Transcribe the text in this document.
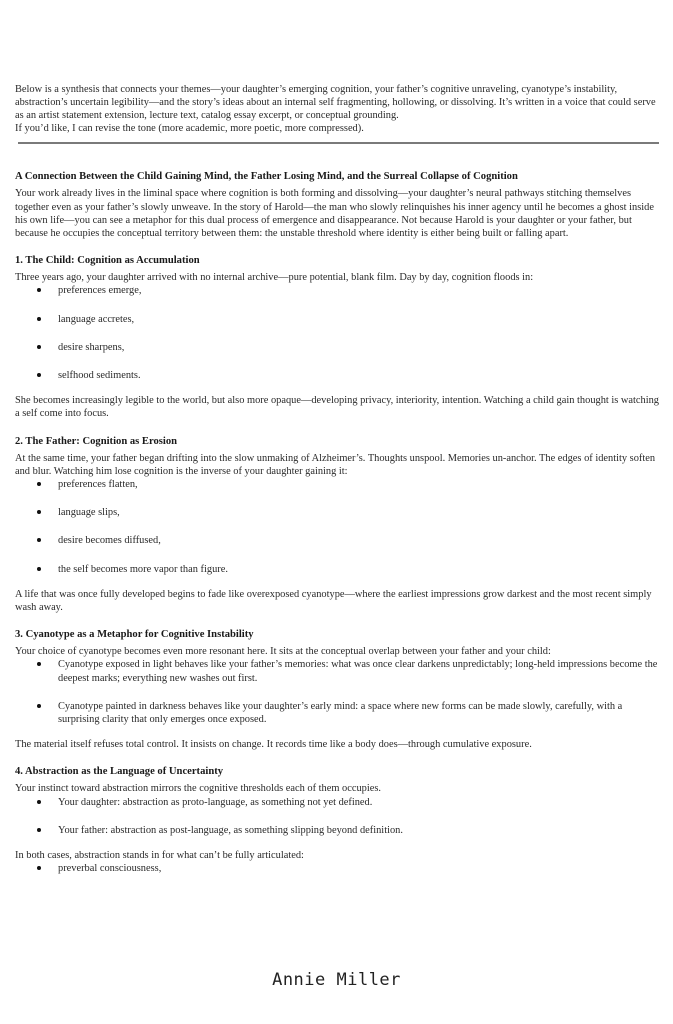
Below is a synthesis that connects your themes—your daughter’s emerging cognition, your father’s cognitive unraveling, cyanotype’s instability, abstraction’s uncertain legibility—and the story’s ideas about an internal self fragmenting, hollowing, or dissolving. It’s written in a voice that could serve as an artist statement extension, lecture text, catalog essay excerpt, or conceptual grounding.

If you’d like, I can revise the tone (more academic, more poetic, more compressed).

A Connection Between the Child Gaining Mind, the Father Losing Mind, and the Surreal Collapse of Cognition

Your work already lives in the liminal space where cognition is both forming and dissolving—your daughter’s neural pathways stitching themselves together even as your father’s slowly unweave. In the story of Harold—the man who slowly relinquishes his inner agency until he becomes a ghost inside his own life—you can see a metaphor for this dual process of emergence and disappearance. Not because Harold is your daughter or your father, but because he occupies the conceptual territory between them: the unstable threshold where identity is either being built or falling apart.

1. The Child: Cognition as Accumulation

Three years ago, your daughter arrived with no internal archive—pure potential, blank film. Day by day, cognition floods in:

preferences emerge,
language accretes,
desire sharpens,
selfhood sediments.

She becomes increasingly legible to the world, but also more opaque—developing privacy, interiority, intention. Watching a child gain thought is watching a self come into focus.

2. The Father: Cognition as Erosion

At the same time, your father began drifting into the slow unmaking of Alzheimer’s. Thoughts unspool. Memories un-anchor. The edges of identity soften and blur. Watching him lose cognition is the inverse of your daughter gaining it:

preferences flatten,
language slips,
desire becomes diffused,
the self becomes more vapor than figure.

A life that was once fully developed begins to fade like overexposed cyanotype—where the earliest impressions grow darkest and the most recent simply wash away.

3. Cyanotype as a Metaphor for Cognitive Instability

Your choice of cyanotype becomes even more resonant here. It sits at the conceptual overlap between your father and your child:

Cyanotype exposed in light behaves like your father’s memories: what was once clear darkens unpredictably; long-held impressions become the deepest marks; everything new washes out first.
Cyanotype painted in darkness behaves like your daughter’s early mind: a space where new forms can be made slowly, carefully, with a surprising clarity that only emerges once exposed.

The material itself refuses total control. It insists on change. It records time like a body does—through cumulative exposure.

4. Abstraction as the Language of Uncertainty

Your instinct toward abstraction mirrors the cognitive thresholds each of them occupies.

Your daughter: abstraction as proto-language, as something not yet defined.
Your father: abstraction as post-language, as something slipping beyond definition.

In both cases, abstraction stands in for what can’t be fully articulated:

preverbal consciousness,
Annie Miller
